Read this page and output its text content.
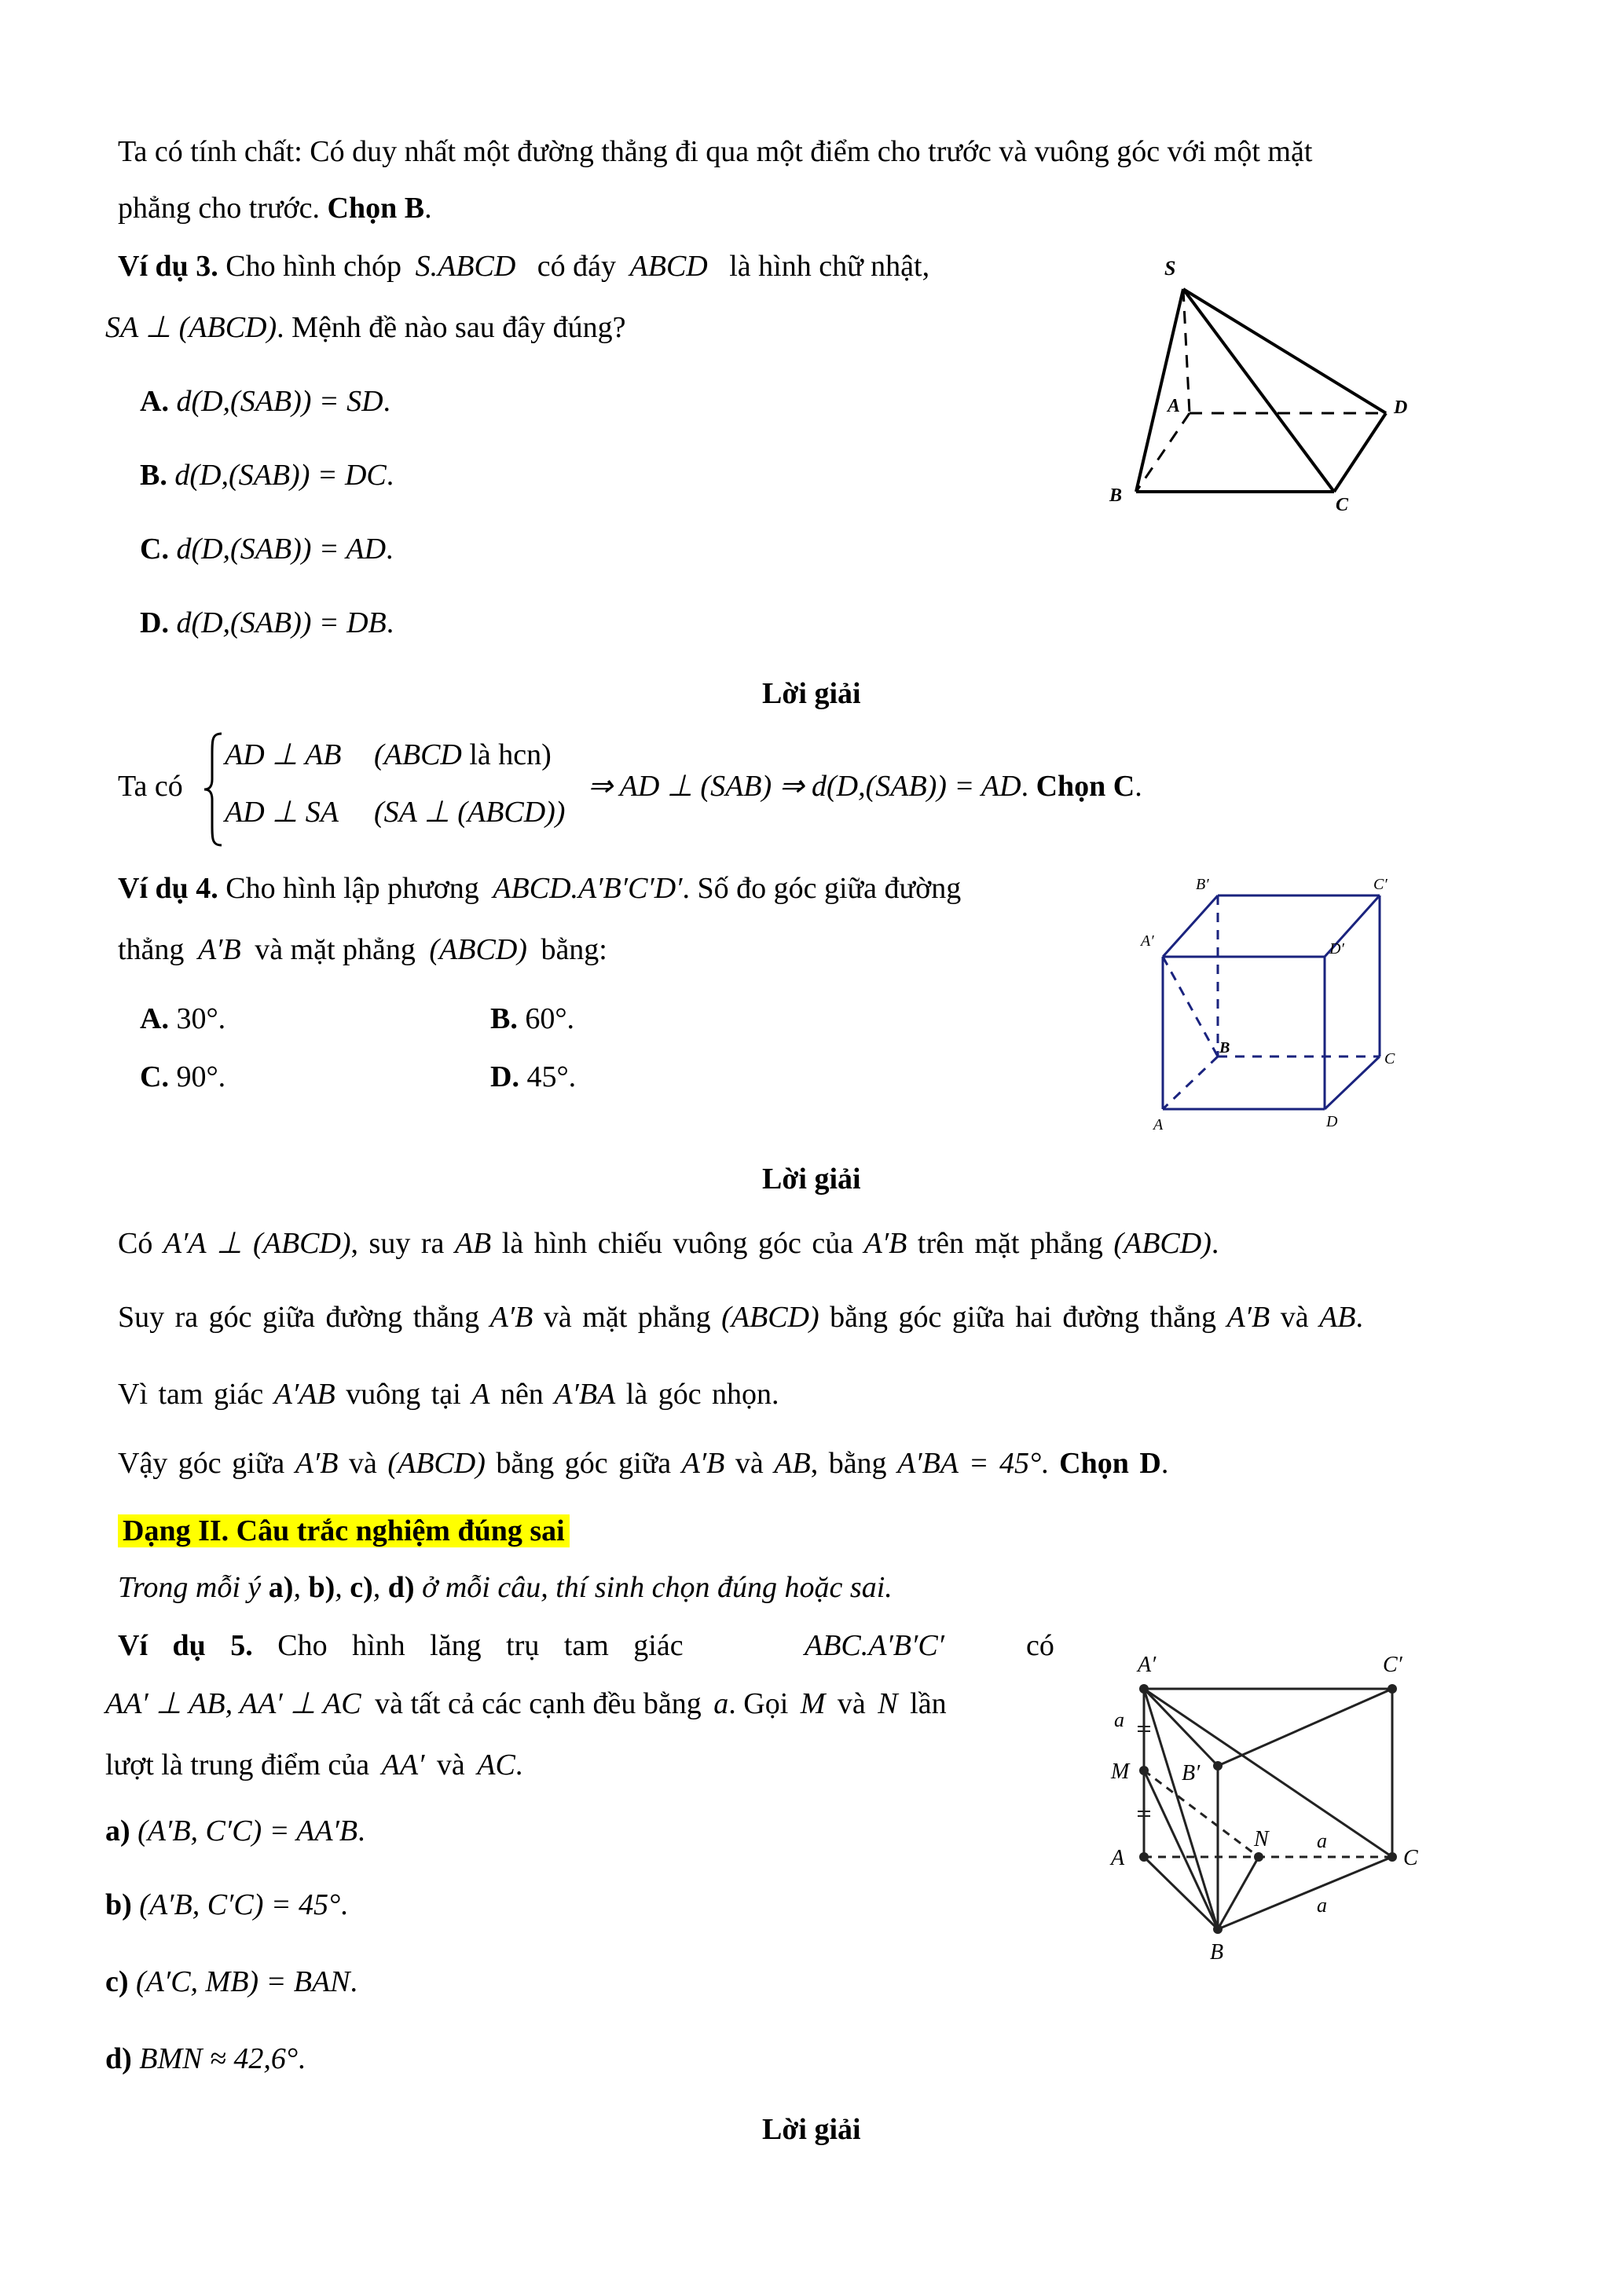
Ta có tính chất: Có duy nhất một đường thẳng đi qua một điểm cho trước và vuông góc với một mặt
phẳng cho trước. Chọn B.
Ví dụ 3. Cho hình chóp S.ABCD có đáy ABCD là hình chữ nhật,
SA ⊥ (ABCD). Mệnh đề nào sau đây đúng?
A. d(D,(SAB)) = SD.
B. d(D,(SAB)) = DC.
C. d(D,(SAB)) = AD.
D. d(D,(SAB)) = DB.
S
A
B	C
D
Lời giải
Ta có
AD ⊥ AB (ABCD là hcn)
AD ⊥ SA (SA ⊥ (ABCD))
⇒ AD ⊥ (SAB) ⇒ d(D,(SAB)) = AD. Chọn C.
Ví dụ 4. Cho hình lập phương ABCD.A′B′C′D′. Số đo góc giữa đường
thẳng A′B và mặt phẳng (ABCD) bằng:
A. 30°.	B. 60°.
C. 90°.	D. 45°.
B′	C′
A′	D′
B
C
A	D
Lời giải
Có A′A ⊥ (ABCD), suy ra AB là hình chiếu vuông góc của A′B trên mặt phẳng (ABCD).
Suy ra góc giữa đường thẳng A′B và mặt phẳng (ABCD) bằng góc giữa hai đường thẳng A′B và AB.
Vì tam giác A′AB vuông tại A nên A′BA là góc nhọn.
Vậy góc giữa A′B và (ABCD) bằng góc giữa A′B và AB, bằng A′BA = 45°. Chọn D.
Dạng II. Câu trắc nghiệm đúng sai
Trong mỗi ý a), b), c), d) ở mỗi câu, thí sinh chọn đúng hoặc sai.
Ví dụ 5. Cho hình lăng trụ tam giác	ABC.A′B′C′	có
AA′ ⊥ AB, AA′ ⊥ AC và tất cả các cạnh đều bằng a. Gọi M và N lần
lượt là trung điểm của AA′ và AC.
a) (A′B, C′C) = AA′B.
b) (A′B, C′C) = 45°.
c) (A′C, MB) = BAN.
d) BMN ≈ 42,6°.
A′	C′
B′
M
N
A	C
B
a
a
a
Lời giải
